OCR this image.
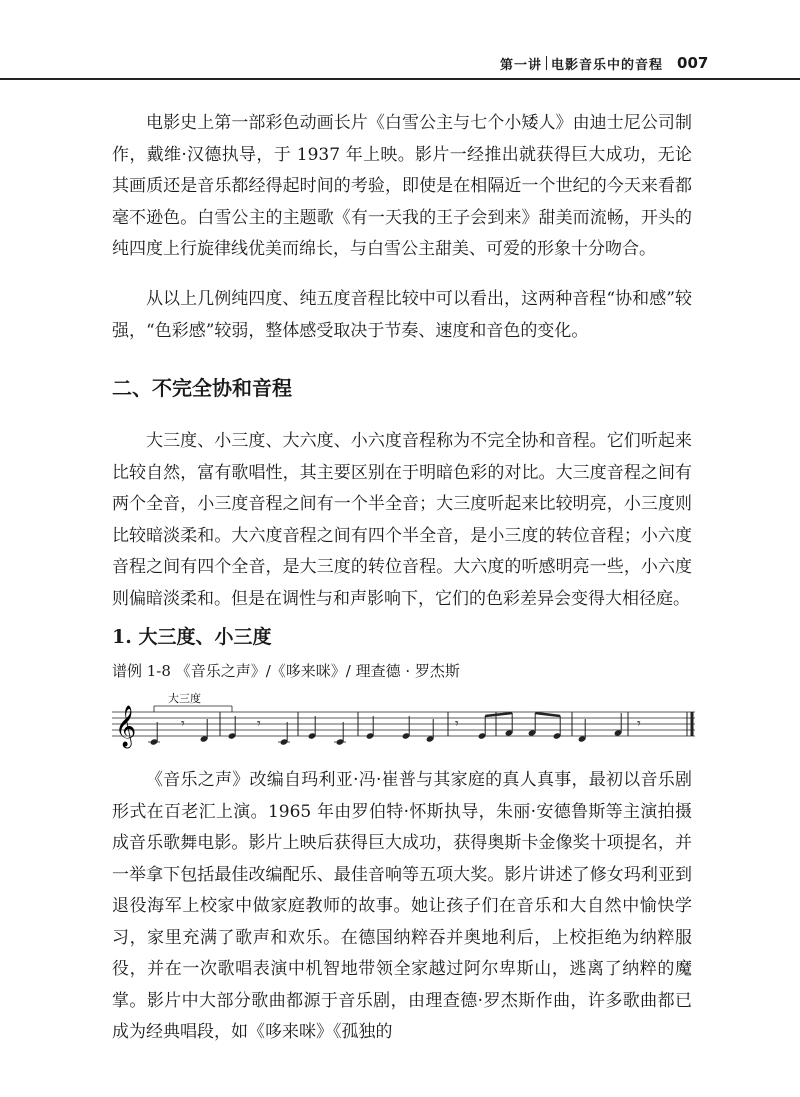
第一讲 电影音乐中的音程 007

电影史上第一部彩色动画长片《白雪公主与七个小矮人》由迪士尼公司制作，戴维·汉德执导，于 1937 年上映。影片一经推出就获得巨大成功，无论其画质还是音乐都经得起时间的考验，即使是在相隔近一个世纪的今天来看都毫不逊色。白雪公主的主题歌《有一天我的王子会到来》甜美而流畅，开头的纯四度上行旋律线优美而绵长，与白雪公主甜美、可爱的形象十分吻合。

从以上几例纯四度、纯五度音程比较中可以看出，这两种音程“协和感”较强，“色彩感”较弱，整体感受取决于节奏、速度和音色的变化。

二、不完全协和音程

大三度、小三度、大六度、小六度音程称为不完全协和音程。它们听起来比较自然，富有歌唱性，其主要区别在于明暗色彩的对比。大三度音程之间有两个全音，小三度音程之间有一个半全音；大三度听起来比较明亮，小三度则比较暗淡柔和。大六度音程之间有四个半全音，是小三度的转位音程；小六度音程之间有四个全音，是大三度的转位音程。大六度的听感明亮一些，小六度则偏暗淡柔和。但是在调性与和声影响下，它们的色彩差异会变得大相径庭。

1. 大三度、小三度

谱例 1-8 《音乐之声》/《哆来咪》/ 理查德 · 罗杰斯

𝄞
大三度
𝄾	𝄾	𝄾	𝄾

《音乐之声》改编自玛利亚·冯·崔普与其家庭的真人真事，最初以音乐剧形式在百老汇上演。1965 年由罗伯特·怀斯执导，朱丽·安德鲁斯等主演拍摄成音乐歌舞电影。影片上映后获得巨大成功，获得奥斯卡金像奖十项提名，并一举拿下包括最佳改编配乐、最佳音响等五项大奖。影片讲述了修女玛利亚到退役海军上校家中做家庭教师的故事。她让孩子们在音乐和大自然中愉快学习，家里充满了歌声和欢乐。在德国纳粹吞并奥地利后，上校拒绝为纳粹服役，并在一次歌唱表演中机智地带领全家越过阿尔卑斯山，逃离了纳粹的魔掌。影片中大部分歌曲都源于音乐剧，由理查德·罗杰斯作曲，许多歌曲都已成为经典唱段，如《哆来咪》《孤独的
